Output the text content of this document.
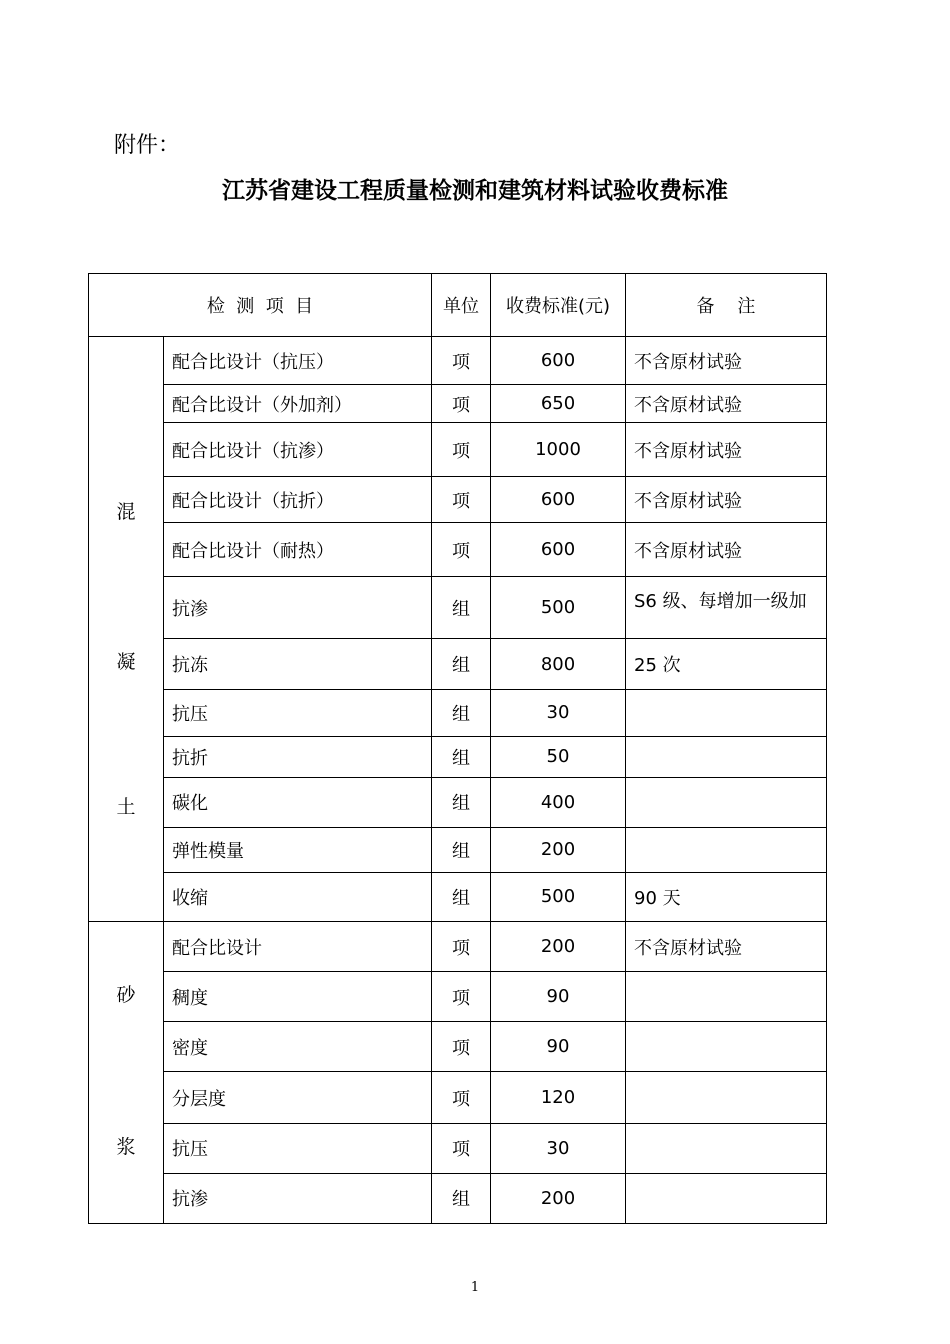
附件：
江苏省建设工程质量检测和建筑材料试验收费标准
检  测  项  目		单位	收费标准(元)	备    注

混
凝
土	配合比设计（抗压）	项	600	不含原材试验
	配合比设计（外加剂）	项	650	不含原材试验
	配合比设计（抗渗）	项	1000	不含原材试验
	配合比设计（抗折）	项	600	不含原材试验
	配合比设计（耐热）	项	600	不含原材试验
	抗渗	组	500	S6 级、每增加一级加
	抗冻	组	800	25 次
	抗压	组	30	
	抗折	组	50	
	碳化	组	400	
	弹性模量	组	200	
	收缩	组	500	90 天

砂
浆	配合比设计	项	200	不含原材试验
	稠度	项	90	
	密度	项	90	
	分层度	项	120	
	抗压	项	30	
	抗渗	组	200	
1
